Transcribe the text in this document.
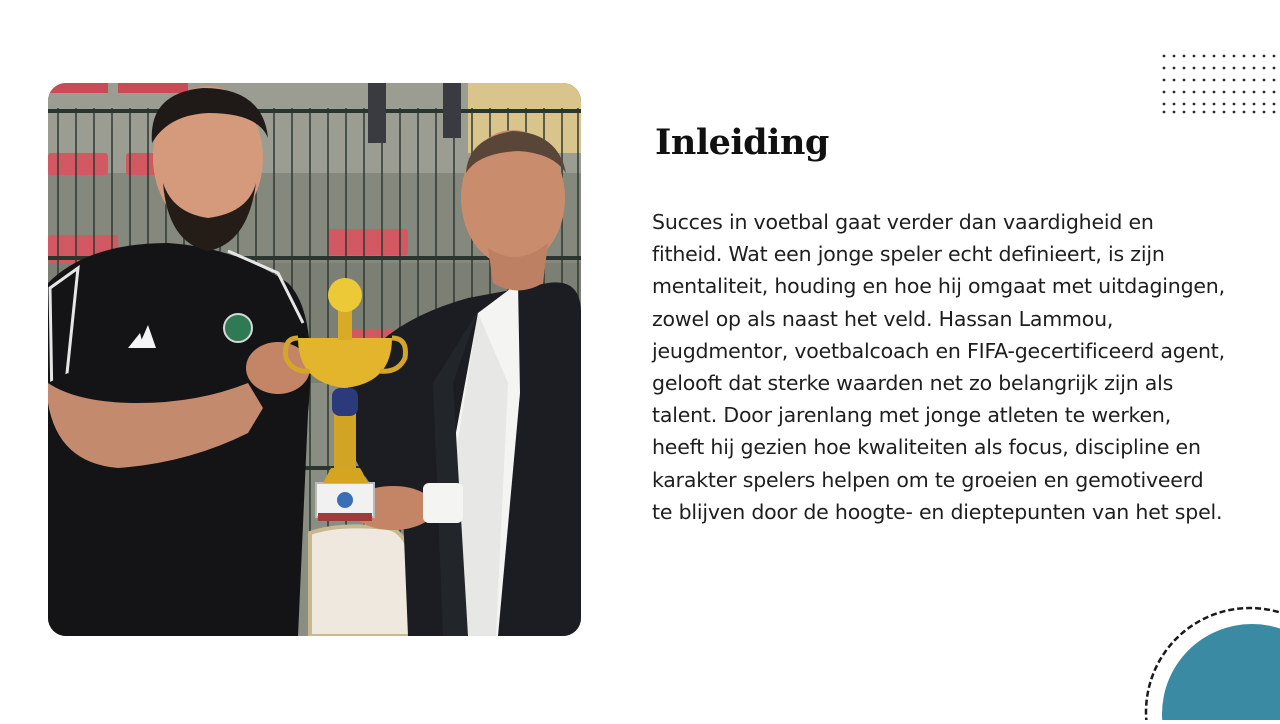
Inleiding

Succes in voetbal gaat verder dan vaardigheid en fitheid. Wat een jonge speler echt definieert, is zijn mentaliteit, houding en hoe hij omgaat met uitdagingen, zowel op als naast het veld. Hassan Lammou, jeugdmentor, voetbalcoach en FIFA-gecertificeerd agent, gelooft dat sterke waarden net zo belangrijk zijn als talent. Door jarenlang met jonge atleten te werken, heeft hij gezien hoe kwaliteiten als focus, discipline en karakter spelers helpen om te groeien en gemotiveerd te blijven door de hoogte- en dieptepunten van het spel.
